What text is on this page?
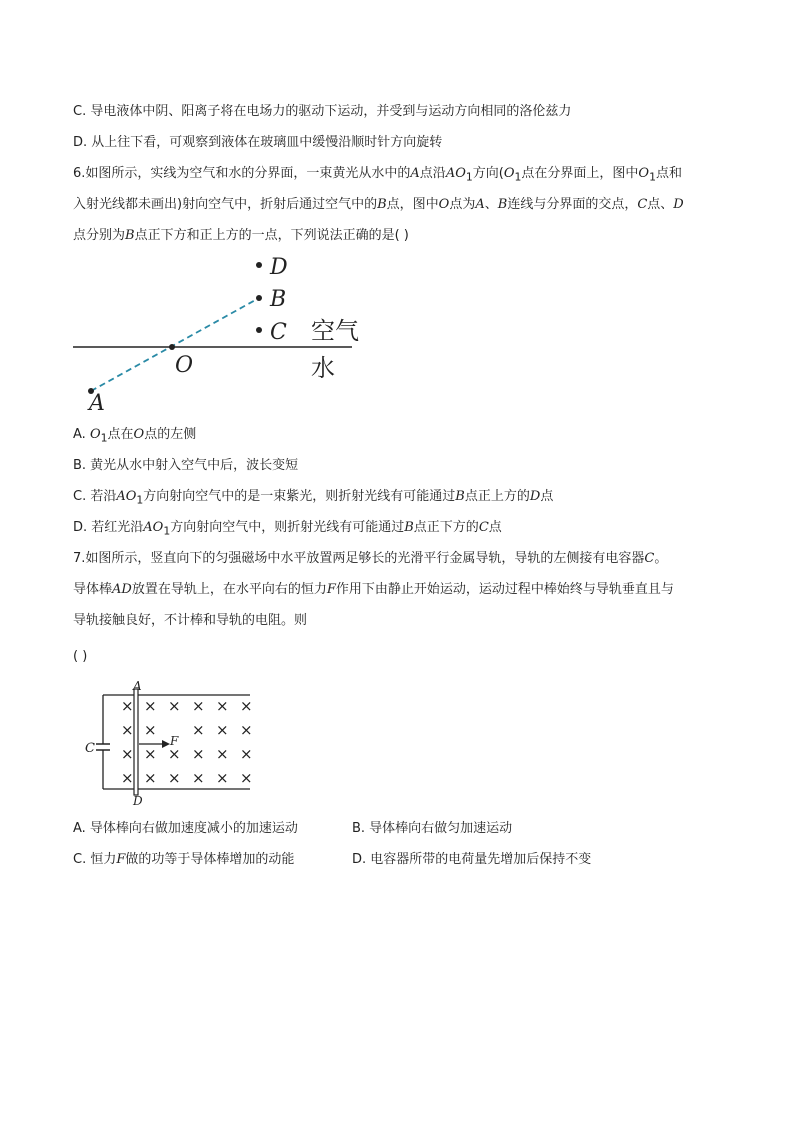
C. 导电液体中阴、阳离子将在电场力的驱动下运动，并受到与运动方向相同的洛伦兹力
D. 从上往下看，可观察到液体在玻璃皿中缓慢沿顺时针方向旋转
6.如图所示，实线为空气和水的分界面，一束黄光从水中的A点沿$AO_1$方向($O_1$点在分界面上，图中$O_1$点和
入射光线都未画出)射向空气中，折射后通过空气中的B点，图中O点为A、B连线与分界面的交点，C点、D
点分别为B点正下方和正上方的一点，下列说法正确的是( )
D
B
C
O
A
空气
水
A. $O_1$点在O点的左侧
B. 黄光从水中射入空气中后，波长变短
C. 若沿$AO_1$方向射向空气中的是一束紫光，则折射光线有可能通过B点正上方的D点
D. 若红光沿$AO_1$方向射向空气中，则折射光线有可能通过B点正下方的C点
7.如图所示，竖直向下的匀强磁场中水平放置两足够长的光滑平行金属导轨，导轨的左侧接有电容器C。
导体棒AD放置在导轨上，在水平向右的恒力F作用下由静止开始运动，运动过程中棒始终与导轨垂直且与
导轨接触良好，不计棒和导轨的电阻。则
( )
A
D
C	F
× × × × × ×
× × × × ×
× × × × × ×
× × × × × ×
A. 导体棒向右做加速度减小的加速运动	B. 导体棒向右做匀加速运动
C. 恒力F做的功等于导体棒增加的动能	D. 电容器所带的电荷量先增加后保持不变
